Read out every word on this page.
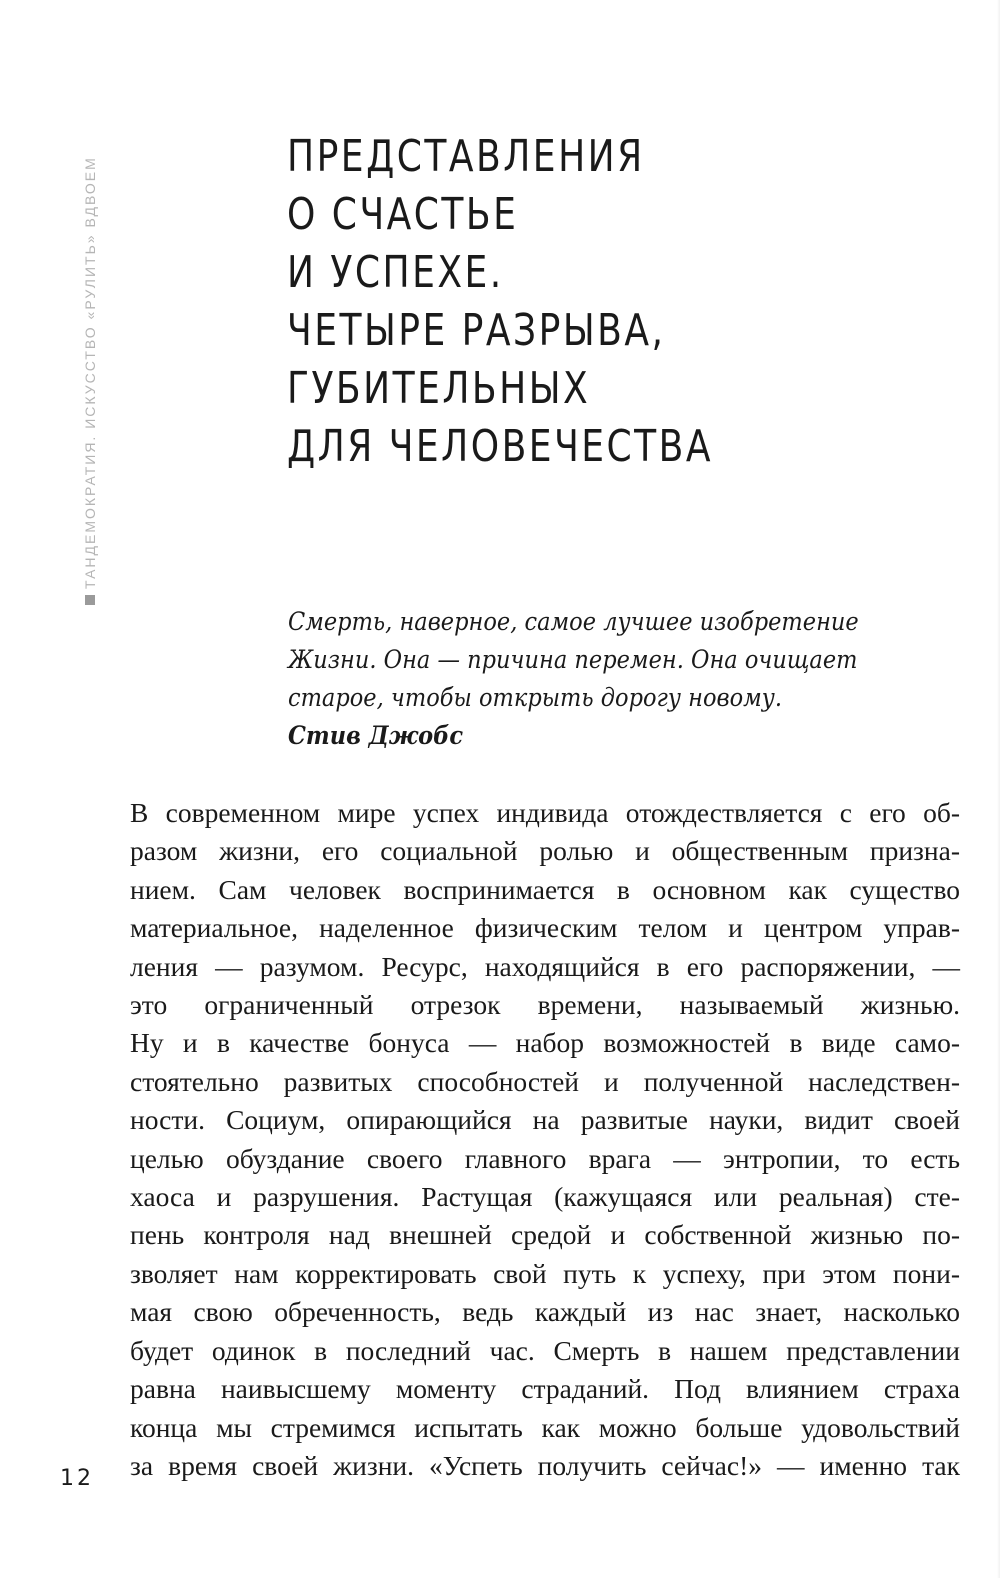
ТАНДЕМОКРАТИЯ. ИСКУССТВО «РУЛИТЬ» ВДВОЕМ	ПРЕДСТАВЛЕНИЯ
О СЧАСТЬЕ
И УСПЕХЕ.
ЧЕТЫРЕ РАЗРЫВА,
ГУБИТЕЛЬНЫХ
ДЛЯ ЧЕЛОВЕЧЕСТВА
Смерть, наверное, самое лучшее изобретение
Жизни. Она — причина перемен. Она очищает
старое, чтобы открыть дорогу новому.
Стив Джобс
В современном мире успех индивида отождествляется с его об-
разом жизни, его социальной ролью и общественным призна-
нием. Сам человек воспринимается в основном как существо
материальное, наделенное физическим телом и центром управ-
ления — разумом. Ресурс, находящийся в его распоряжении, —
это ограниченный отрезок времени, называемый жизнью.
Ну и в качестве бонуса — набор возможностей в виде само-
стоятельно развитых способностей и полученной наследствен-
ности. Социум, опирающийся на развитые науки, видит своей
целью обуздание своего главного врага — энтропии, то есть
хаоса и разрушения. Растущая (кажущаяся или реальная) сте-
пень контроля над внешней средой и собственной жизнью по-
зволяет нам корректировать свой путь к успеху, при этом пони-
мая свою обреченность, ведь каждый из нас знает, насколько
будет одинок в последний час. Смерть в нашем представлении
равна наивысшему моменту страданий. Под влиянием страха
конца мы стремимся испытать как можно больше удовольствий
за время своей жизни. «Успеть получить сейчас!» — именно так
12
